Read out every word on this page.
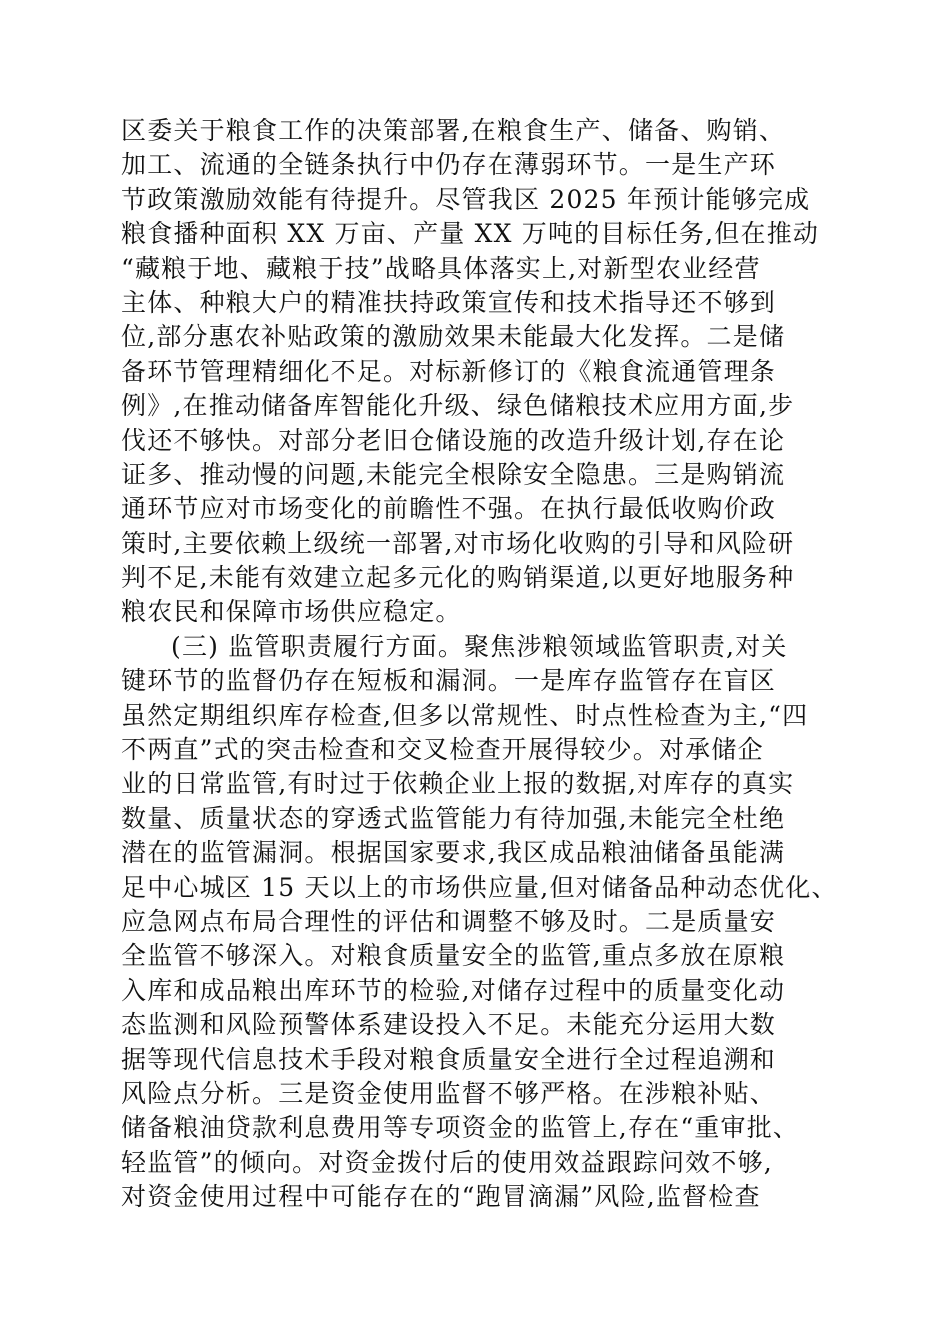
区委关于粮食工作的决策部署,在粮食生产、储备、购销、
加工、流通的全链条执行中仍存在薄弱环节。一是生产环
节政策激励效能有待提升。尽管我区 2025 年预计能够完成
粮食播种面积 XX 万亩、产量 XX 万吨的目标任务,但在推动
“藏粮于地、藏粮于技”战略具体落实上,对新型农业经营
主体、种粮大户的精准扶持政策宣传和技术指导还不够到
位,部分惠农补贴政策的激励效果未能最大化发挥。二是储
备环节管理精细化不足。对标新修订的《粮食流通管理条
例》,在推动储备库智能化升级、绿色储粮技术应用方面,步
伐还不够快。对部分老旧仓储设施的改造升级计划,存在论
证多、推动慢的问题,未能完全根除安全隐患。三是购销流
通环节应对市场变化的前瞻性不强。在执行最低收购价政
策时,主要依赖上级统一部署,对市场化收购的引导和风险研
判不足,未能有效建立起多元化的购销渠道,以更好地服务种
粮农民和保障市场供应稳定。
(三) 监管职责履行方面。聚焦涉粮领域监管职责,对关
键环节的监督仍存在短板和漏洞。一是库存监管存在盲区
虽然定期组织库存检查,但多以常规性、时点性检查为主,“四
不两直”式的突击检查和交叉检查开展得较少。对承储企
业的日常监管,有时过于依赖企业上报的数据,对库存的真实
数量、质量状态的穿透式监管能力有待加强,未能完全杜绝
潜在的监管漏洞。根据国家要求,我区成品粮油储备虽能满
足中心城区 15 天以上的市场供应量,但对储备品种动态优化、
应急网点布局合理性的评估和调整不够及时。二是质量安
全监管不够深入。对粮食质量安全的监管,重点多放在原粮
入库和成品粮出库环节的检验,对储存过程中的质量变化动
态监测和风险预警体系建设投入不足。未能充分运用大数
据等现代信息技术手段对粮食质量安全进行全过程追溯和
风险点分析。三是资金使用监督不够严格。在涉粮补贴、
储备粮油贷款利息费用等专项资金的监管上,存在“重审批、
轻监管”的倾向。对资金拨付后的使用效益跟踪问效不够,
对资金使用过程中可能存在的“跑冒滴漏”风险,监督检查
